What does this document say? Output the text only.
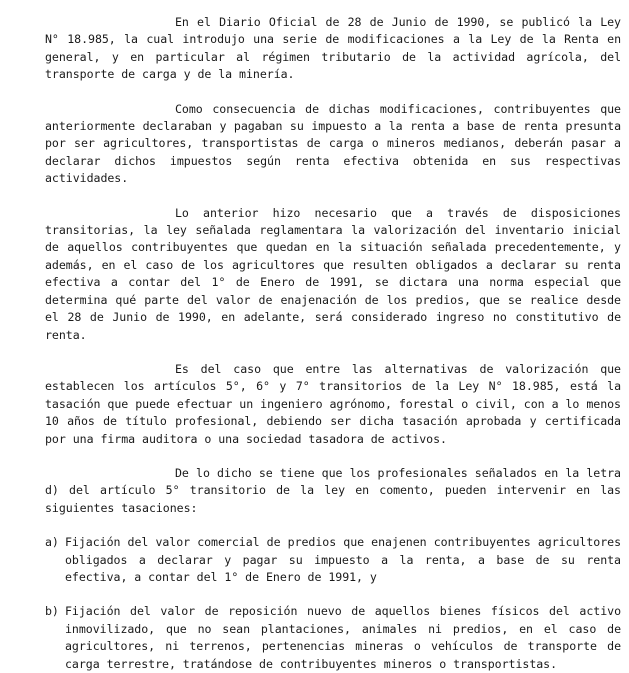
En el Diario Oficial de 28 de Junio de 1990, se publicó la Ley N° 18.985, la cual introdujo una serie de modificaciones a la Ley de la Renta en general, y en particular al régimen tributario de la actividad agrícola, del transporte de carga y de la minería.

Como consecuencia de dichas modificaciones, contribuyentes que anteriormente declaraban y pagaban su impuesto a la renta a base de renta presunta por ser agricultores, transportistas de carga o mineros medianos, deberán pasar a declarar dichos impuestos según renta efectiva obtenida en sus respectivas actividades.

Lo anterior hizo necesario que a través de disposiciones transitorias, la ley señalada reglamentara la valorización del inventario inicial de aquellos contribuyentes que quedan en la situación señalada precedentemente, y además, en el caso de los agricultores que resulten obligados a declarar su renta efectiva a contar del 1° de Enero de 1991, se dictara una norma especial que determina qué parte del valor de enajenación de los predios, que se realice desde el 28 de Junio de 1990, en adelante, será considerado ingreso no constitutivo de renta.

Es del caso que entre las alternativas de valorización que establecen los artículos 5°, 6° y 7° transitorios de la Ley N° 18.985, está la tasación que puede efectuar un ingeniero agrónomo, forestal o civil, con a lo menos 10 años de título profesional, debiendo ser dicha tasación aprobada y certificada por una firma auditora o una sociedad tasadora de activos.

De lo dicho se tiene que los profesionales señalados en la letra d) del artículo 5° transitorio de la ley en comento, pueden intervenir en las siguientes tasaciones:

a) Fijación del valor comercial de predios que enajenen contribuyentes agricultores obligados a declarar y pagar su impuesto a la renta, a base de su renta efectiva, a contar del 1° de Enero de 1991, y
b) Fijación del valor de reposición nuevo de aquellos bienes físicos del activo inmovilizado, que no sean plantaciones, animales ni predios, en el caso de agricultores, ni terrenos, pertenencias mineras o vehículos de transporte de carga terrestre, tratándose de contribuyentes mineros o transportistas.
